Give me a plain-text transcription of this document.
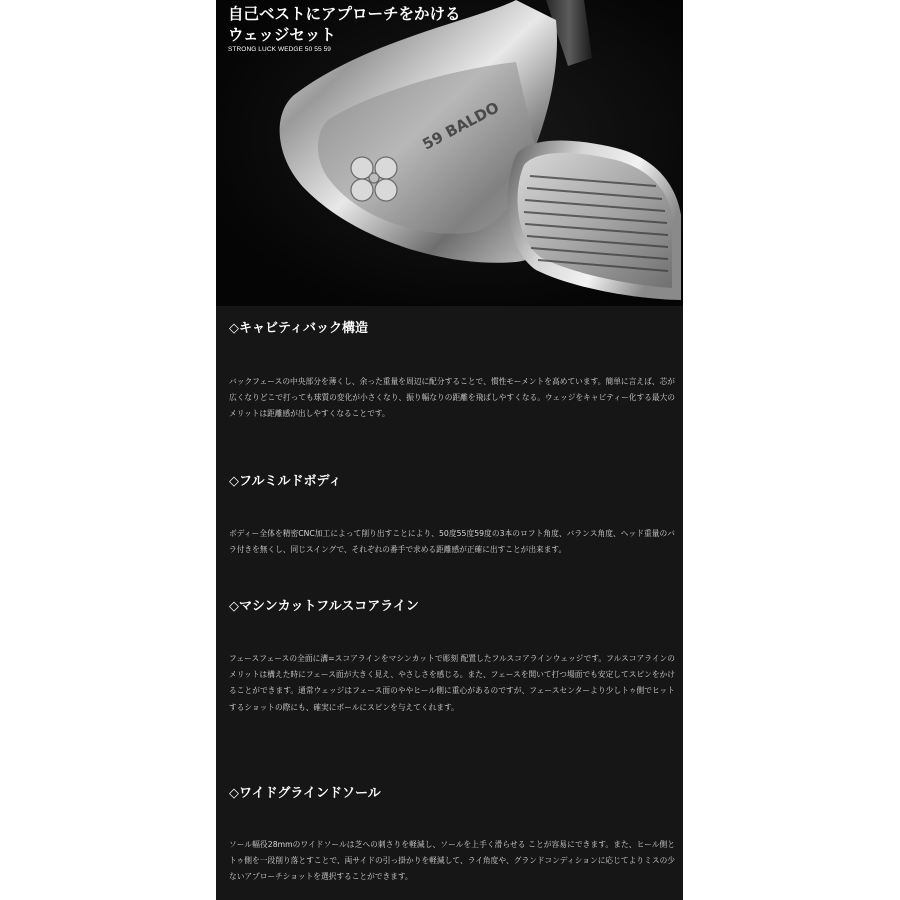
59 BALDO
自己ベストにアプローチをかける
ウェッジセット
STRONG LUCK WEDGE 50 55 59
◇キャビティバック構造

バックフェースの中央部分を薄くし、余った重量を周辺に配分することで、慣性モーメントを高めています。簡単に言えば、芯が広くなりどこで打っても球質の変化が小さくなり、振り幅なりの距離を飛ばしやすくなる。ウェッジをキャビティー化する最大のメリットは距離感が出しやすくなることです。

◇フルミルドボディ

ボディー全体を精密CNC加工によって削り出すことにより、50度55度59度の3本のロフト角度、バランス角度、ヘッド重量のバラ付きを無くし、同じスイングで、それぞれの番手で求める距離感が正確に出すことが出来ます。

◇マシンカットフルスコアライン

フェースフェースの全面に溝=スコアラインをマシンカットで彫刻 配置したフルスコアラインウェッジです。フルスコアラインのメリットは構えた時にフェース面が大きく見え、やさしさを感じる。また、フェースを開いて打つ場面でも安定してスピンをかけることができます。通常ウェッジはフェース面のややヒール側に重心があるのですが、フェースセンターより少しトゥ側でヒットするショットの際にも、確実にボールにスピンを与えてくれます。

◇ワイドグラインドソール

ソール幅役28mmのワイドソールは芝への刺さりを軽減し、ソールを上手く滑らせる ことが容易にできます。また、ヒール側とトゥ側を一段削り落とすことで、両サイドの引っ掛かりを軽減して、ライ角度や、グランドコンディションに応じてよりミスの少ないアプローチショットを選択することができます。
